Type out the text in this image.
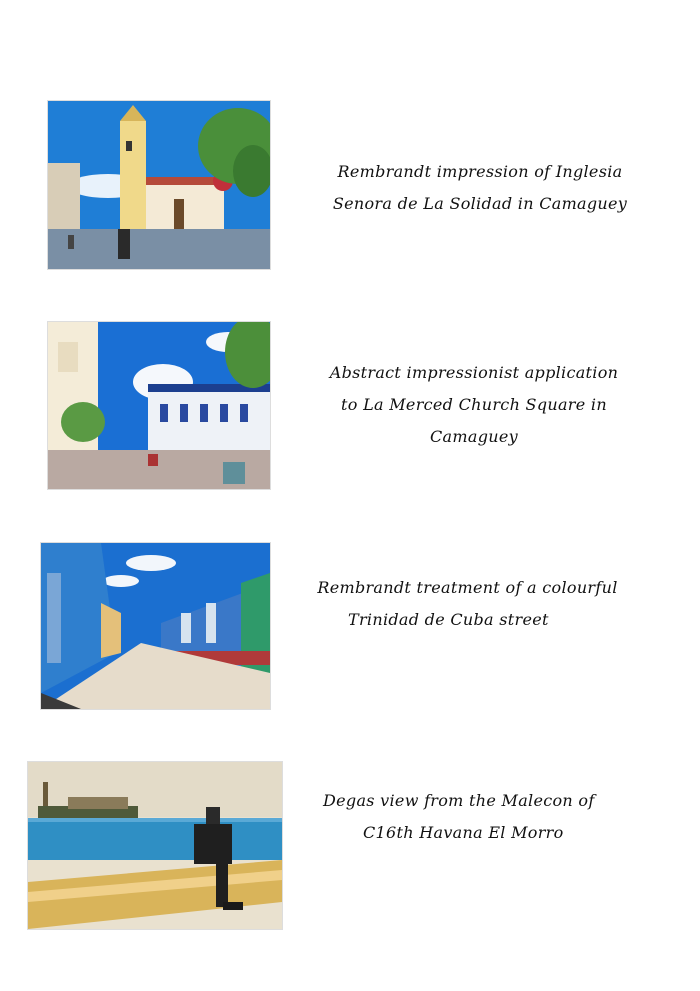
Rembrandt impression of Inglesia
Senora de La Solidad in Camaguey
Abstract impressionist application
to La Merced Church Square in
Camaguey
Rembrandt treatment of a colourful
Trinidad de Cuba street
Degas view from the Malecon of
C16th Havana El Morro
